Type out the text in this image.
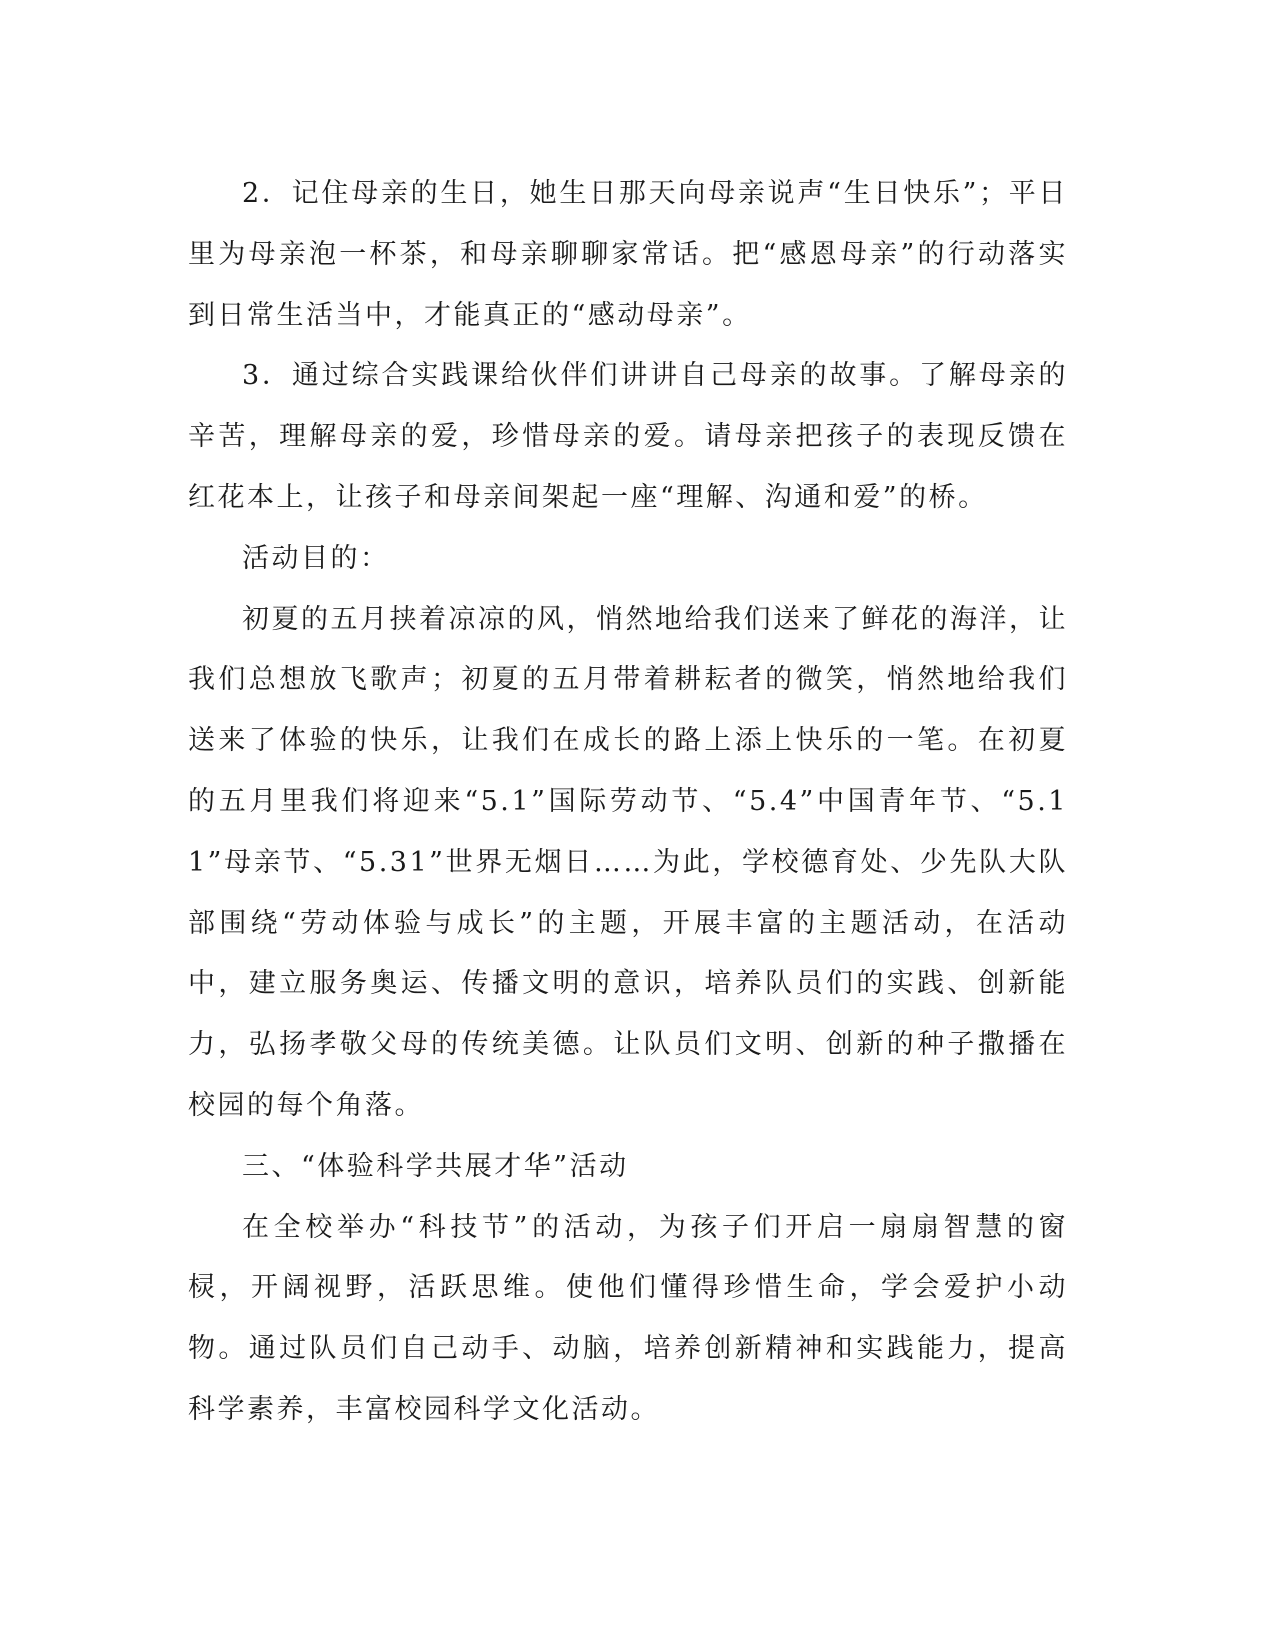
2．记住母亲的生日，她生日那天向母亲说声“生日快乐”；平日里为母亲泡一杯茶，和母亲聊聊家常话。把“感恩母亲”的行动落实到日常生活当中，才能真正的“感动母亲”。

3．通过综合实践课给伙伴们讲讲自己母亲的故事。了解母亲的辛苦，理解母亲的爱，珍惜母亲的爱。请母亲把孩子的表现反馈在红花本上，让孩子和母亲间架起一座“理解、沟通和爱”的桥。

活动目的：

初夏的五月挟着凉凉的风，悄然地给我们送来了鲜花的海洋，让我们总想放飞歌声；初夏的五月带着耕耘者的微笑，悄然地给我们送来了体验的快乐，让我们在成长的路上添上快乐的一笔。在初夏的五月里我们将迎来“5.1”国际劳动节、“5.4”中国青年节、“5.11”母亲节、“5.31”世界无烟日……为此，学校德育处、少先队大队部围绕“劳动体验与成长”的主题，开展丰富的主题活动，在活动中，建立服务奥运、传播文明的意识，培养队员们的实践、创新能力，弘扬孝敬父母的传统美德。让队员们文明、创新的种子撒播在校园的每个角落。

三、“体验科学共展才华”活动

在全校举办“科技节”的活动，为孩子们开启一扇扇智慧的窗棂，开阔视野，活跃思维。使他们懂得珍惜生命，学会爱护小动物。通过队员们自己动手、动脑，培养创新精神和实践能力，提高科学素养，丰富校园科学文化活动。
